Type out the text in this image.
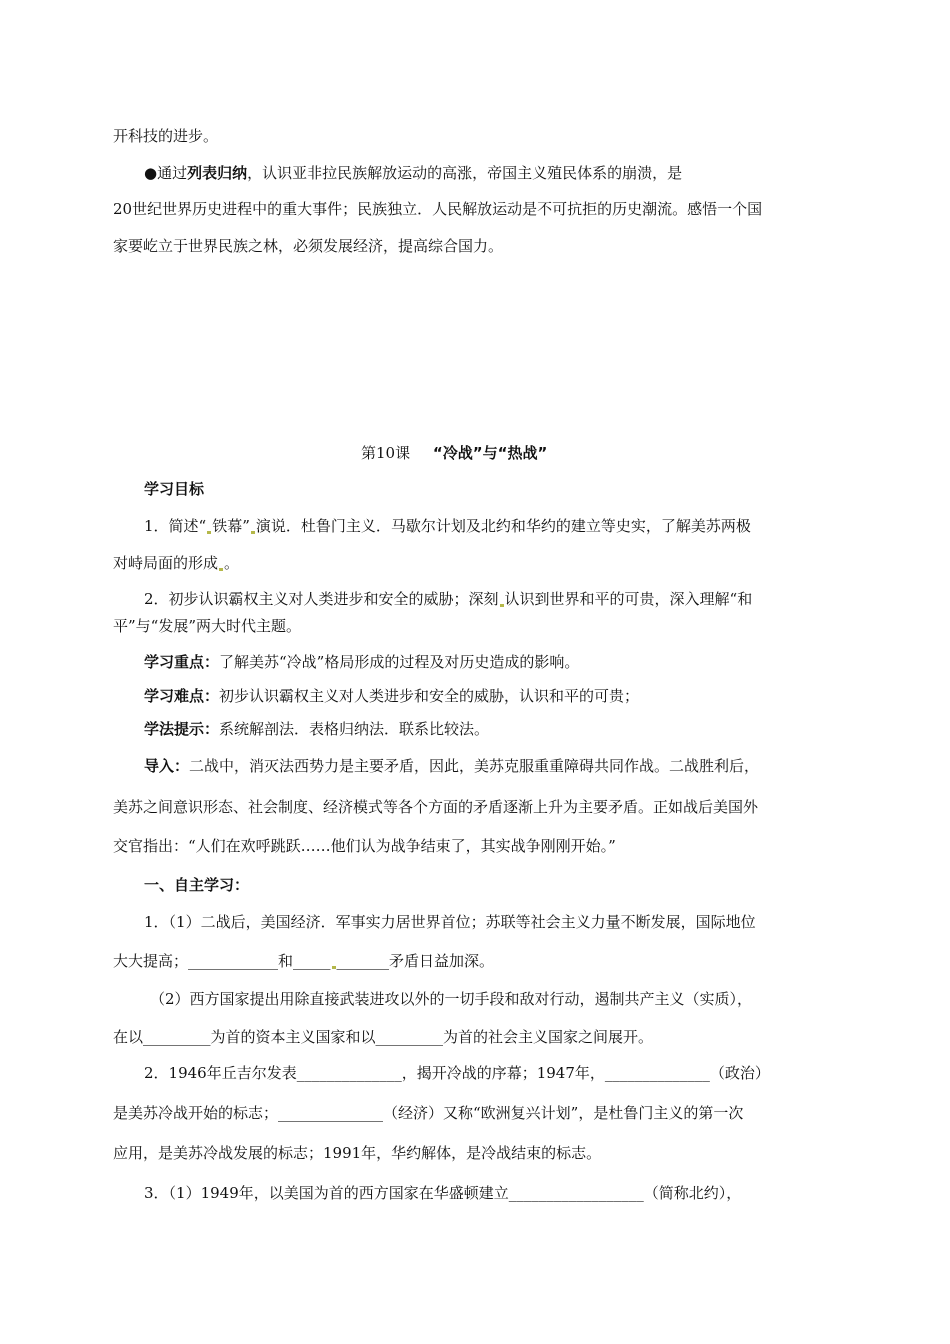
开科技的进步。
●通过列表归纳，认识亚非拉民族解放运动的高涨，帝国主义殖民体系的崩溃，是
20世纪世界历史进程中的重大事件；民族独立．人民解放运动是不可抗拒的历史潮流。感悟一个国
家要屹立于世界民族之林，必须发展经济，提高综合国力。
第10课 “冷战”与“热战”
学习目标
1．简述“ 铁幕” 演说．杜鲁门主义．马歇尔计划及北约和华约的建立等史实，了解美苏两极
对峙局面的形成 。
2．初步认识霸权主义对人类进步和安全的威胁；深刻 认识到世界和平的可贵，深入理解“和
平”与“发展”两大时代主题。
学习重点：了解美苏“冷战”格局形成的过程及对历史造成的影响。
学习难点：初步认识霸权主义对人类进步和安全的威胁，认识和平的可贵；
学法提示：系统解剖法．表格归纳法．联系比较法。
导入：二战中，消灭法西势力是主要矛盾，因此，美苏克服重重障碍共同作战。二战胜利后，
美苏之间意识形态、社会制度、经济模式等各个方面的矛盾逐渐上升为主要矛盾。正如战后美国外
交官指出：“人们在欢呼跳跃……他们认为战争结束了，其实战争刚刚开始。”
一、自主学习：
1．（1）二战后，美国经济．军事实力居世界首位；苏联等社会主义力量不断发展，国际地位
大大提高；____________和_____ _______矛盾日益加深。
（2）西方国家提出用除直接武装进攻以外的一切手段和敌对行动，遏制共产主义（实质），
在以_________为首的资本主义国家和以_________为首的社会主义国家之间展开。
2．1946年丘吉尔发表______________，揭开冷战的序幕；1947年，______________（政治）
是美苏冷战开始的标志；______________（经济）又称“欧洲复兴计划”，是杜鲁门主义的第一次
应用，是美苏冷战发展的标志；1991年，华约解体，是冷战结束的标志。
3．（1）1949年，以美国为首的西方国家在华盛顿建立__________________（简称北约），
